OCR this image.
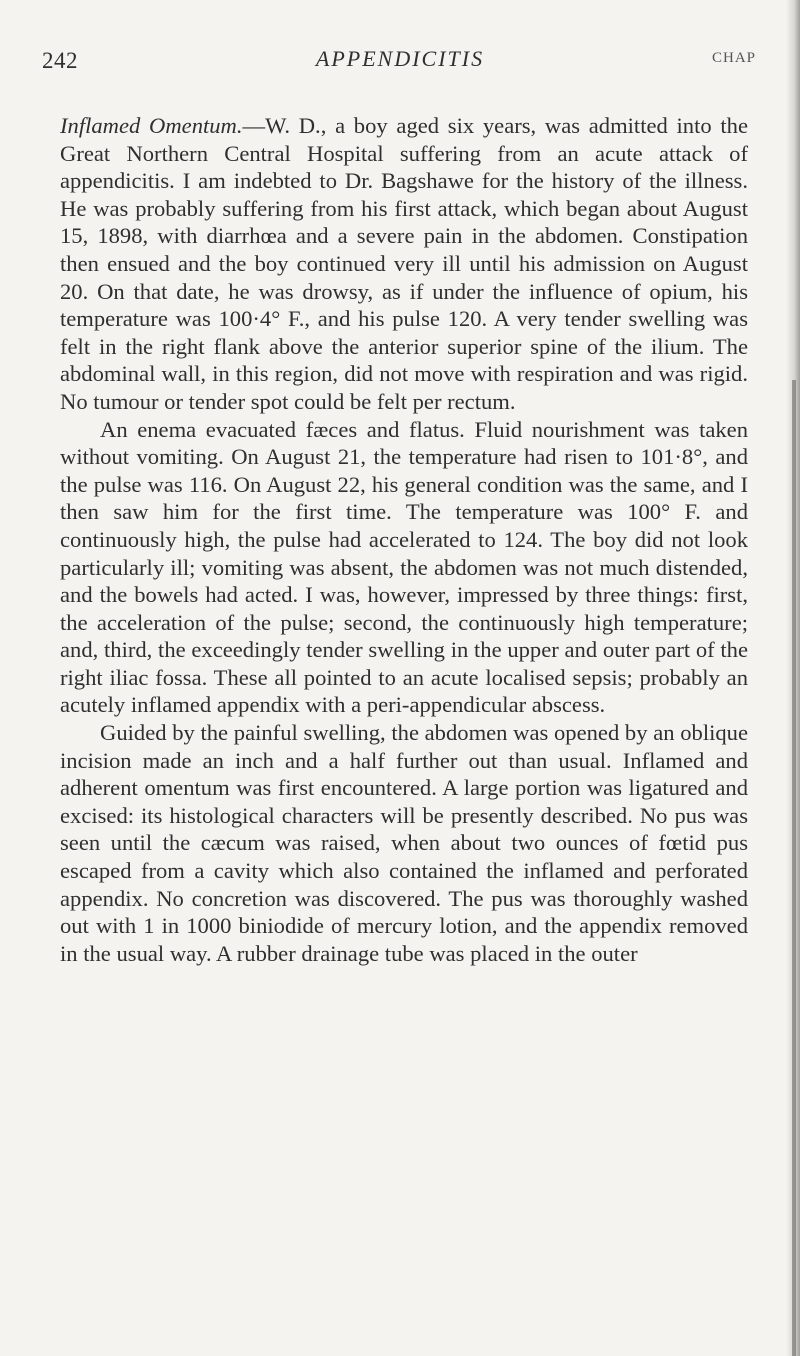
242	APPENDICITIS	CHAP

Inflamed Omentum.—W. D., a boy aged six years, was admitted into the Great Northern Central Hospital suffering from an acute attack of appendicitis. I am indebted to Dr. Bagshawe for the history of the illness. He was probably suffering from his first attack, which began about August 15, 1898, with diarrhœa and a severe pain in the abdomen. Constipation then ensued and the boy continued very ill until his admission on August 20. On that date, he was drowsy, as if under the influence of opium, his temperature was 100·4° F., and his pulse 120. A very tender swelling was felt in the right flank above the anterior superior spine of the ilium. The abdominal wall, in this region, did not move with respiration and was rigid. No tumour or tender spot could be felt per rectum.

An enema evacuated fæces and flatus. Fluid nourishment was taken without vomiting. On August 21, the temperature had risen to 101·8°, and the pulse was 116. On August 22, his general condition was the same, and I then saw him for the first time. The temperature was 100° F. and continuously high, the pulse had accelerated to 124. The boy did not look particularly ill; vomiting was absent, the abdomen was not much distended, and the bowels had acted. I was, however, impressed by three things: first, the acceleration of the pulse; second, the continuously high temperature; and, third, the exceedingly tender swelling in the upper and outer part of the right iliac fossa. These all pointed to an acute localised sepsis; probably an acutely inflamed appendix with a peri-appendicular abscess.

Guided by the painful swelling, the abdomen was opened by an oblique incision made an inch and a half further out than usual. Inflamed and adherent omentum was first encountered. A large portion was ligatured and excised: its histological characters will be presently described. No pus was seen until the cæcum was raised, when about two ounces of fœtid pus escaped from a cavity which also contained the inflamed and perforated appendix. No concretion was discovered. The pus was thoroughly washed out with 1 in 1000 biniodide of mercury lotion, and the appendix removed in the usual way. A rubber drainage tube was placed in the outer
